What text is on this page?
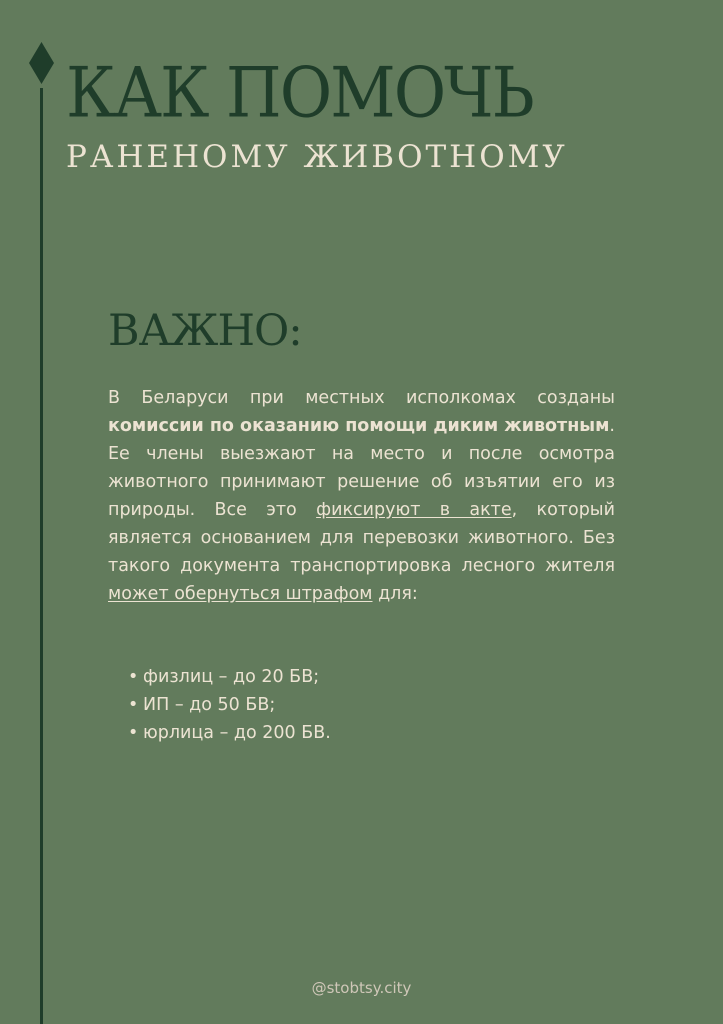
КАК ПОМОЧЬ
РАНЕНОМУ ЖИВОТНОМУ
ВАЖНО:

В Беларуси при местных исполкомах созданы комиссии по оказанию помощи диким животным. Ее члены выезжают на место и после осмотра животного принимают решение об изъятии его из природы. Все это фиксируют в акте, который является основанием для перевозки животного. Без такого документа транспортировка лесного жителя может обернуться штрафом для:

• физлиц – до 20 БВ;
• ИП – до 50 БВ;
• юрлица – до 200 БВ.
@stobtsy.city
